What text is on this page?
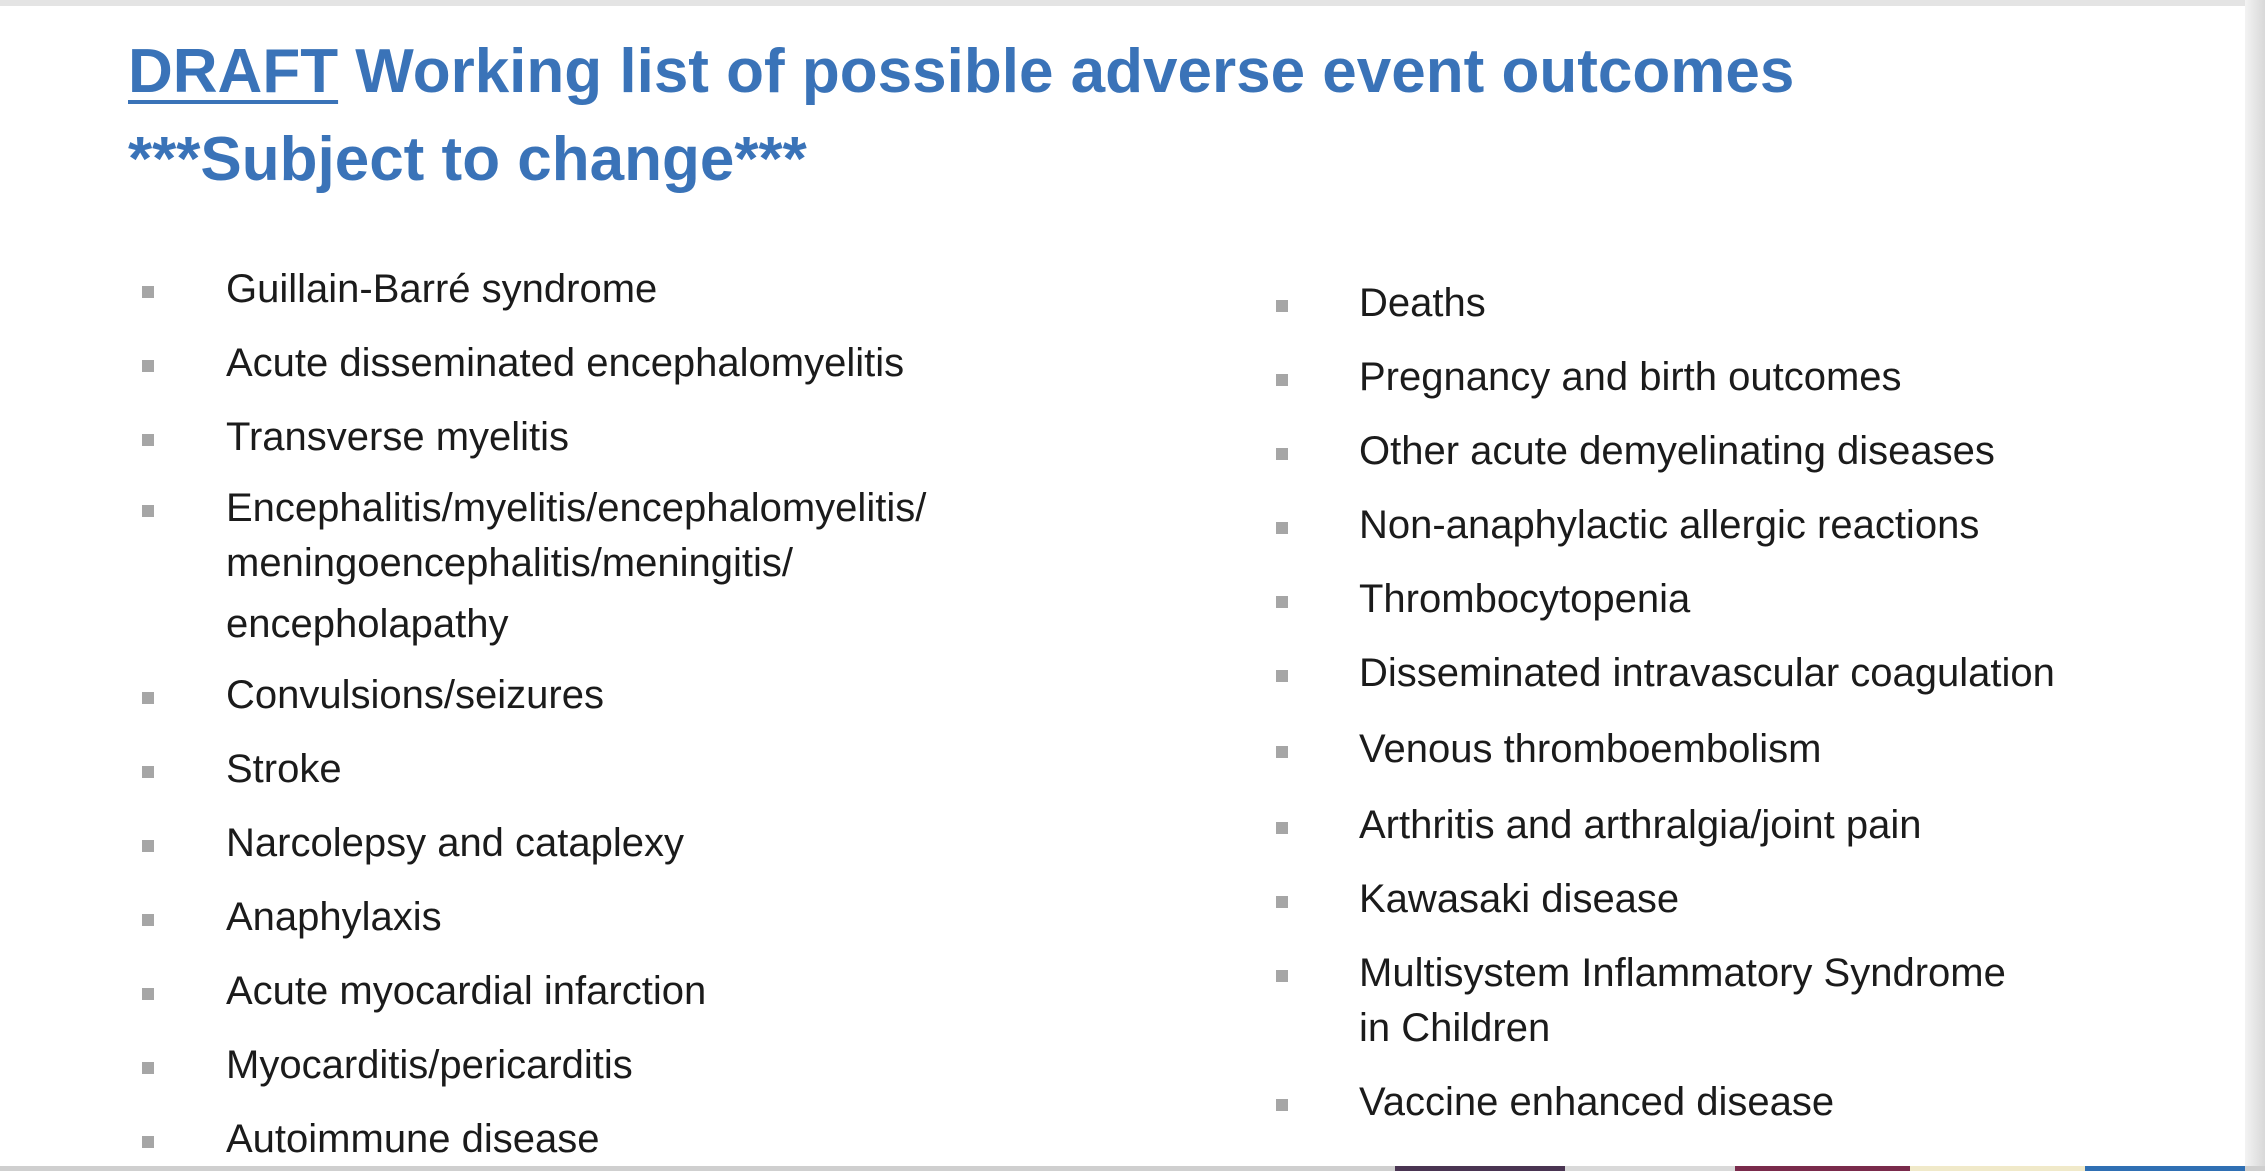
DRAFT Working list of possible adverse event outcomes
***Subject to change***
Guillain-Barré syndrome
Acute disseminated encephalomyelitis
Transverse myelitis
Encephalitis/myelitis/encephalomyelitis/
meningoencephalitis/meningitis/
encepholapathy
Convulsions/seizures
Stroke
Narcolepsy and cataplexy
Anaphylaxis
Acute myocardial infarction
Myocarditis/pericarditis
Autoimmune disease
Deaths
Pregnancy and birth outcomes
Other acute demyelinating diseases
Non-anaphylactic allergic reactions
Thrombocytopenia
Disseminated intravascular coagulation
Venous thromboembolism
Arthritis and arthralgia/joint pain
Kawasaki disease
Multisystem Inflammatory Syndrome
in Children
Vaccine enhanced disease
